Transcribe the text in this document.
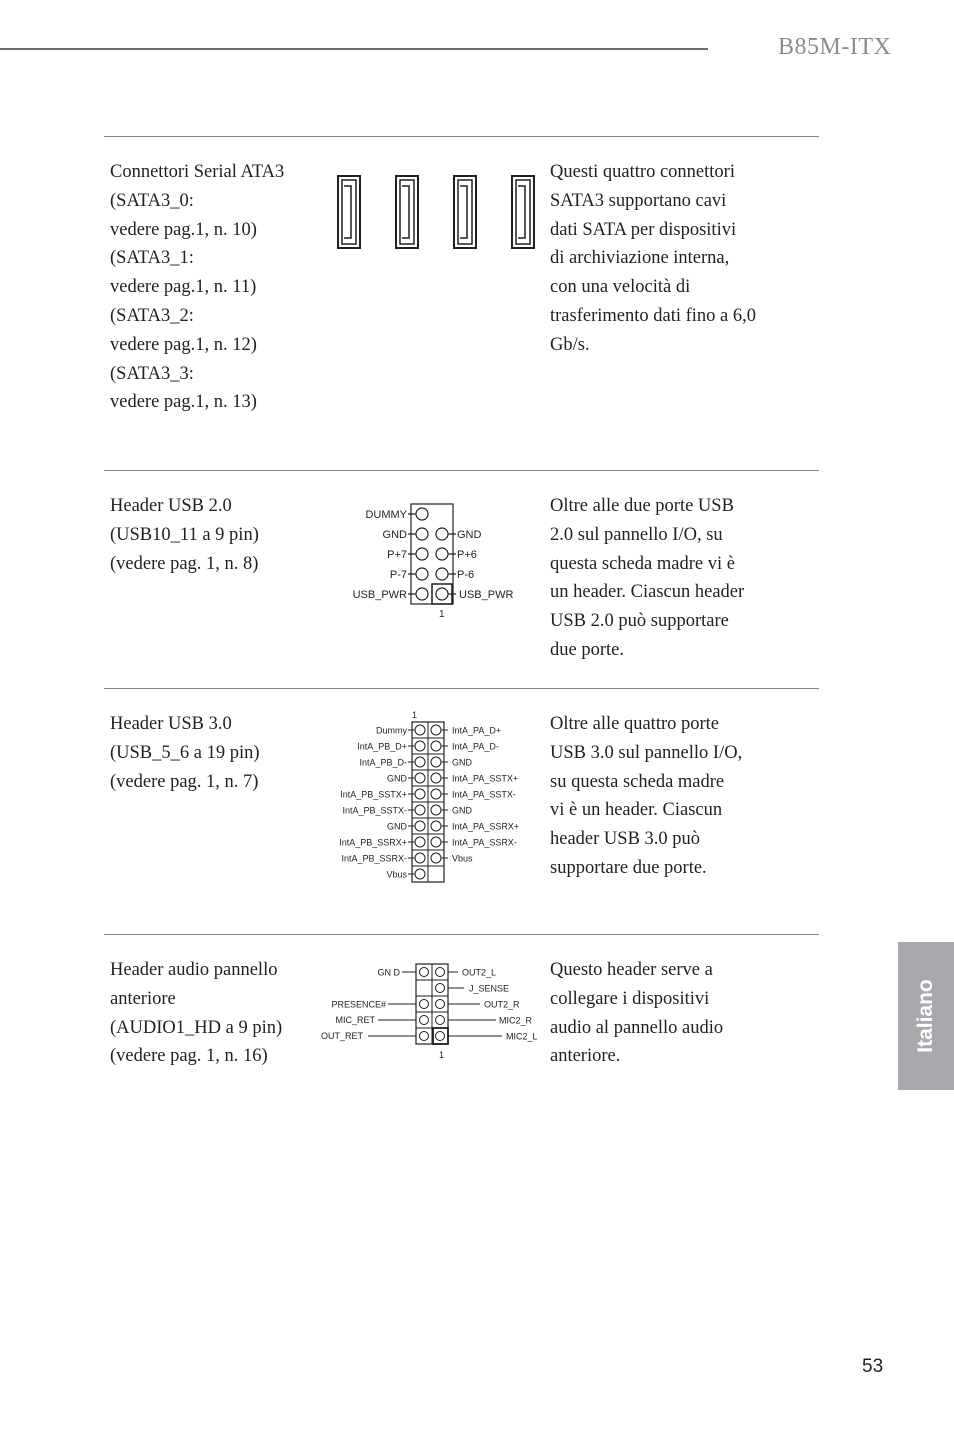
B85M-ITX
Connettori Serial ATA3
(SATA3_0:
vedere pag.1, n. 10)
(SATA3_1:
vedere pag.1, n. 11)
(SATA3_2:
vedere pag.1, n. 12)
(SATA3_3:
vedere pag.1, n. 13)
Questi quattro connettori
SATA3 supportano cavi
dati SATA per dispositivi
di archiviazione interna,
con una velocità di
trasferimento dati fino a 6,0
Gb/s.
Header USB 2.0
(USB10_11 a 9 pin)
(vedere pag. 1, n. 8)
Oltre alle due porte USB
2.0 sul pannello I/O, su
questa scheda madre vi è
un header. Ciascun header
USB 2.0 può supportare
due porte.
DUMMY
GND
P+7
P-7
USB_PWR
GND
P+6
P-6
USB_PWR
1
Header USB 3.0
(USB_5_6 a 19 pin)
(vedere pag. 1, n. 7)
Oltre alle quattro porte
USB 3.0 sul pannello I/O,
su questa scheda madre
vi è un header. Ciascun
header USB 3.0 può
supportare due porte.
1
Dummy
IntA_PB_D+
IntA_PB_D-
GND
IntA_PB_SSTX+
IntA_PB_SSTX-
GND
IntA_PB_SSRX+
IntA_PB_SSRX-
Vbus
IntA_PA_D+
IntA_PA_D-
GND
IntA_PA_SSTX+
IntA_PA_SSTX-
GND
IntA_PA_SSRX+
IntA_PA_SSRX-
Vbus
Header audio pannello
anteriore
(AUDIO1_HD a 9 pin)
(vedere pag. 1, n. 16)
Questo header serve a
collegare i dispositivi
audio al pannello audio
anteriore.
GN D
PRESENCE#
MIC_RET
OUT_RET
OUT2_L
J_SENSE
OUT2_R
MIC2_R
MIC2_L
1
Italiano
53
